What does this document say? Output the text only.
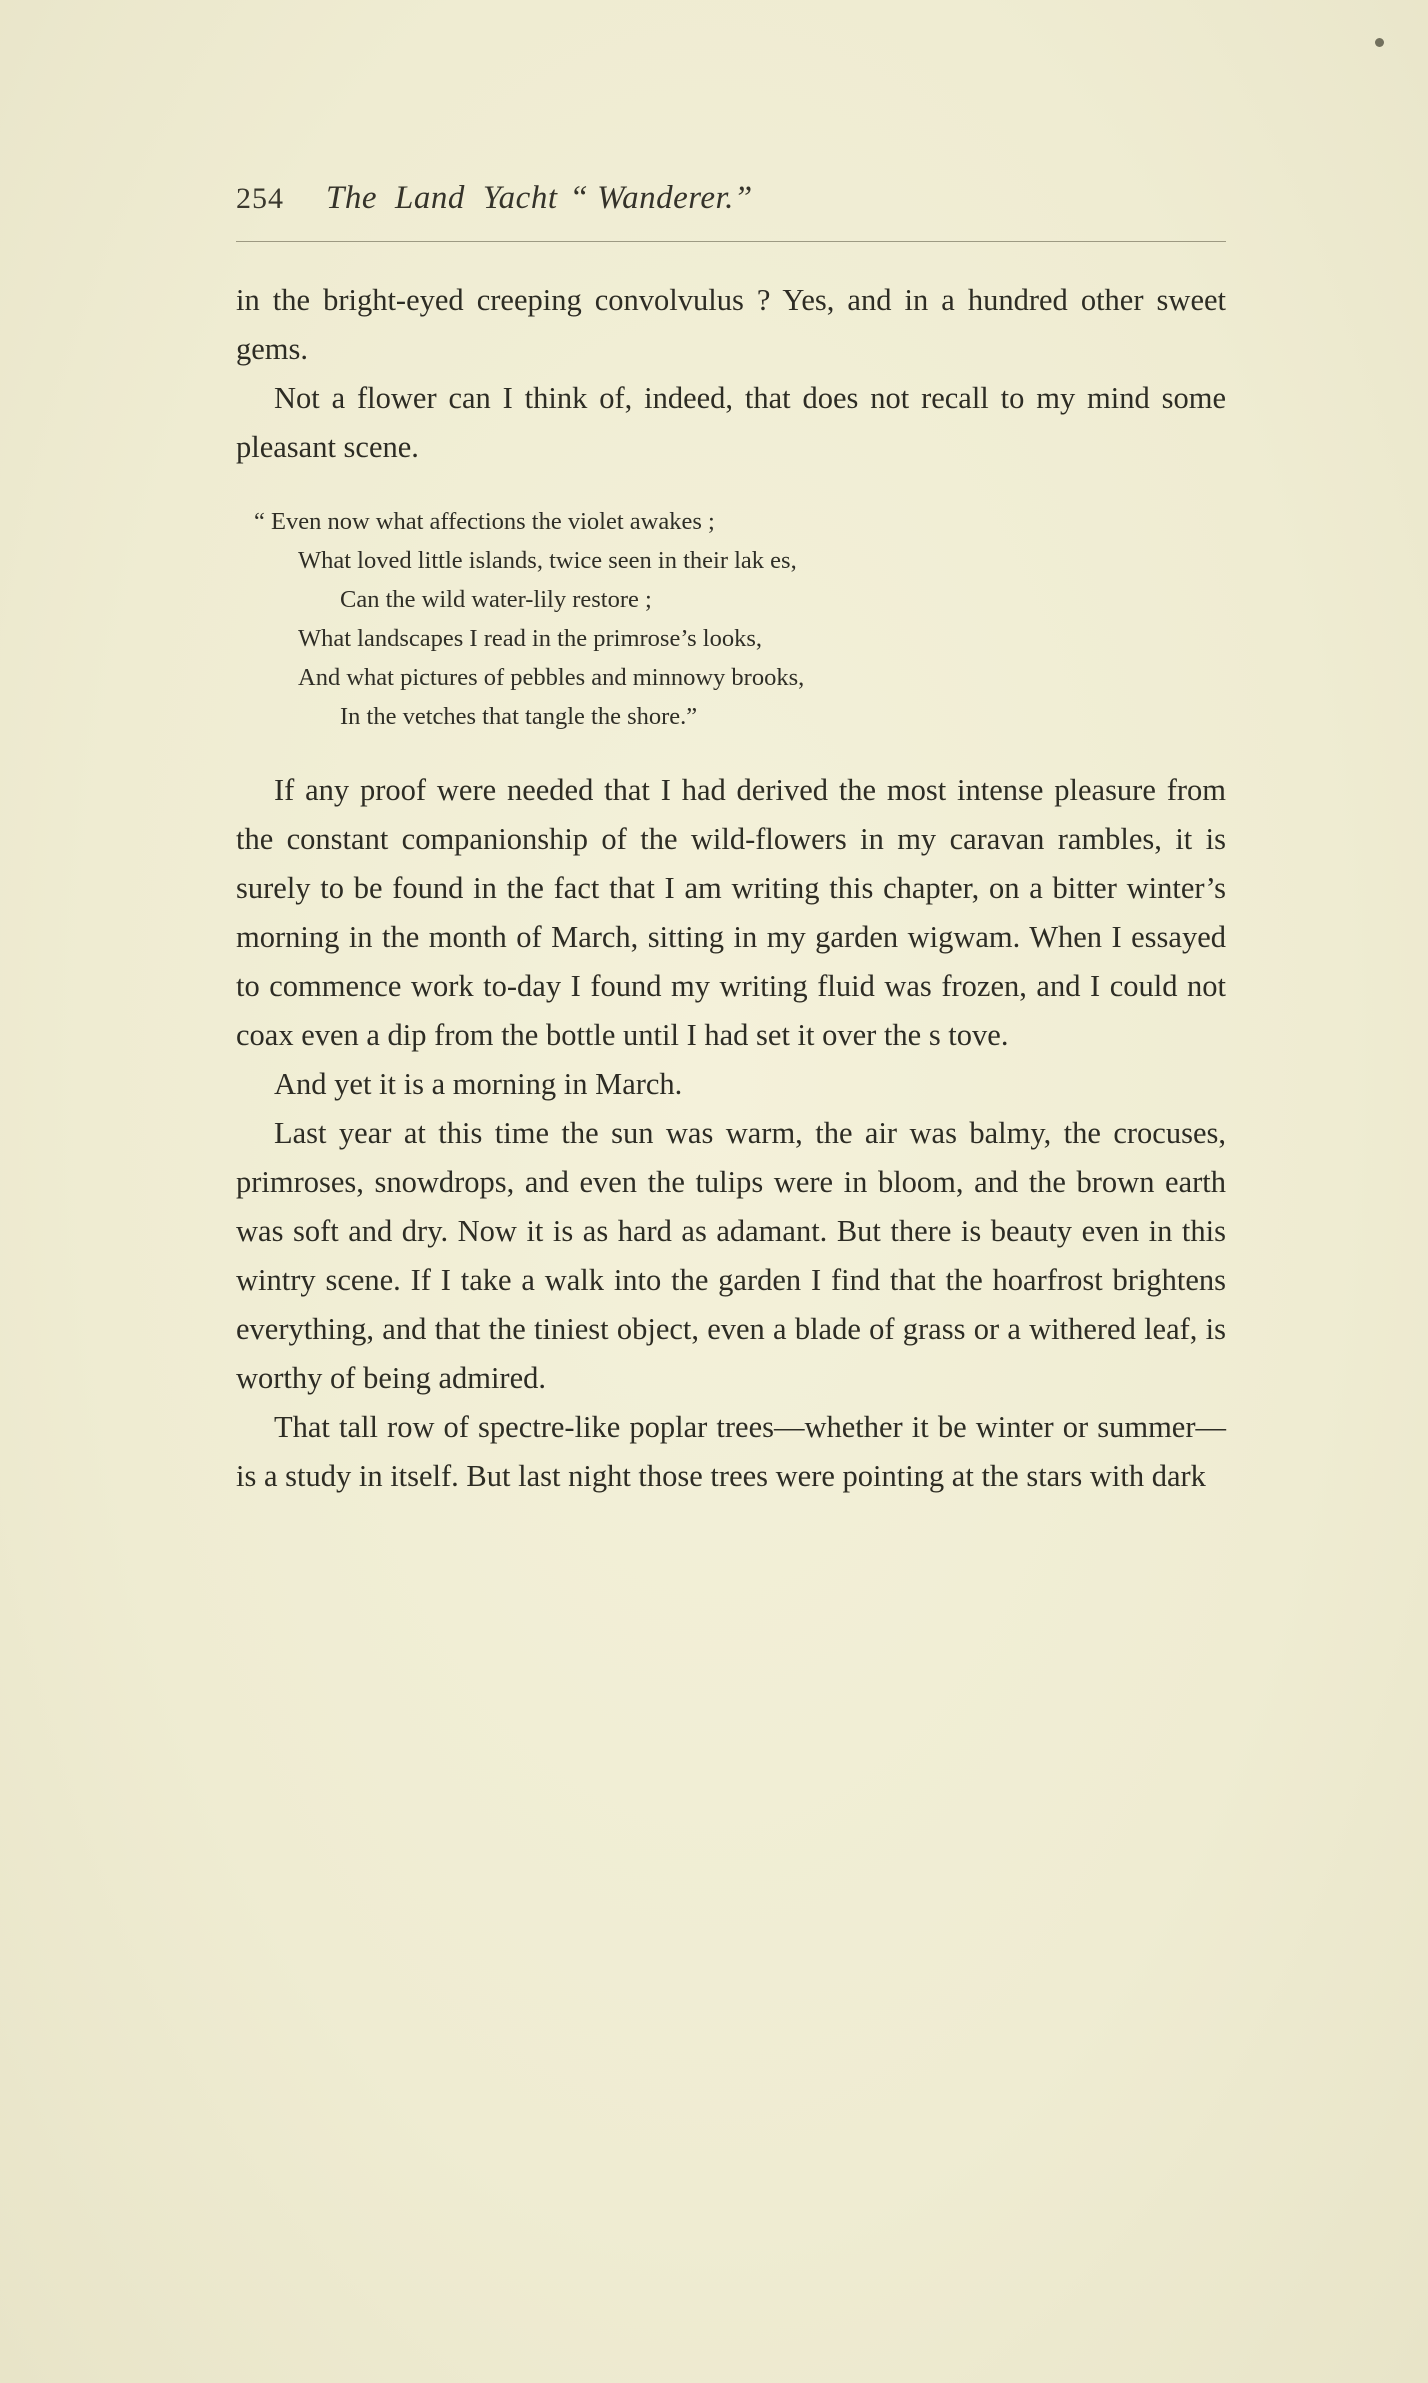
254 The Land Yacht “ Wanderer.”

in the bright-eyed creeping convolvulus ? Yes, and in a hundred other sweet gems.

Not a flower can I think of, indeed, that does not recall to my mind some pleasant scene.

“ Even now what affections the violet awakes ;
What loved little islands, twice seen in their lak es,
Can the wild water-lily restore ;
What landscapes I read in the primrose’s looks,
And what pictures of pebbles and minnowy brooks,
In the vetches that tangle the shore.”

If any proof were needed that I had derived the most intense pleasure from the constant companionship of the wild-flowers in my caravan rambles, it is surely to be found in the fact that I am writing this chapter, on a bitter winter’s morning in the month of March, sitting in my garden wigwam. When I essayed to commence work to-day I found my writing fluid was frozen, and I could not coax even a dip from the bottle until I had set it over the s tove.

And yet it is a morning in March.

Last year at this time the sun was warm, the air was balmy, the crocuses, primroses, snowdrops, and even the tulips were in bloom, and the brown earth was soft and dry. Now it is as hard as adamant. But there is beauty even in this wintry scene. If I take a walk into the garden I find that the hoarfrost brightens everything, and that the tiniest object, even a blade of grass or a withered leaf, is worthy of being admired.

That tall row of spectre-like poplar trees—whether it be winter or summer—is a study in itself. But last night those trees were pointing at the stars with dark
